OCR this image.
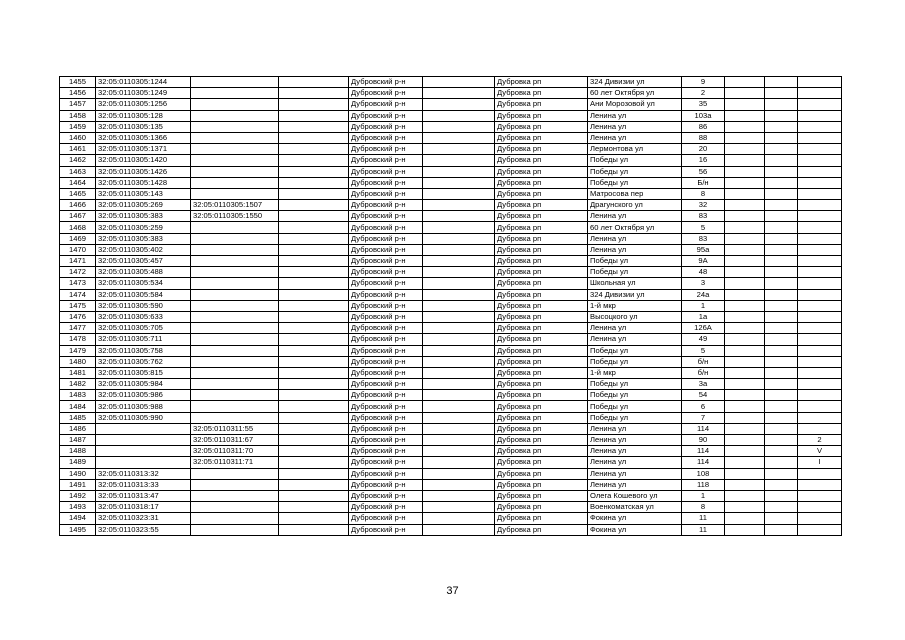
1455	32:05:0110305:1244			Дубровский р-н		Дубровка рп	324 Дивизии ул	9			
1456	32:05:0110305:1249			Дубровский р-н		Дубровка рп	60 лет Октября ул	2			
1457	32:05:0110305:1256			Дубровский р-н		Дубровка рп	Ани Морозовой ул	35			
1458	32:05:0110305:128			Дубровский р-н		Дубровка рп	Ленина ул	103а			
1459	32:05:0110305:135			Дубровский р-н		Дубровка рп	Ленина ул	86			
1460	32:05:0110305:1366			Дубровский р-н		Дубровка рп	Ленина ул	88			
1461	32:05:0110305:1371			Дубровский р-н		Дубровка рп	Лермонтова ул	20			
1462	32:05:0110305:1420			Дубровский р-н		Дубровка рп	Победы ул	16			
1463	32:05:0110305:1426			Дубровский р-н		Дубровка рп	Победы ул	56			
1464	32:05:0110305:1428			Дубровский р-н		Дубровка рп	Победы ул	Б/н			
1465	32:05:0110305:143			Дубровский р-н		Дубровка рп	Матросова пер	8			
1466	32:05:0110305:269	32:05:0110305:1507		Дубровский р-н		Дубровка рп	Драгунского ул	32			
1467	32:05:0110305:383	32:05:0110305:1550		Дубровский р-н		Дубровка рп	Ленина ул	83			
1468	32:05:0110305:259			Дубровский р-н		Дубровка рп	60 лет Октября ул	5			
1469	32:05:0110305:383			Дубровский р-н		Дубровка рп	Ленина ул	83			
1470	32:05:0110305:402			Дубровский р-н		Дубровка рп	Ленина ул	95а			
1471	32:05:0110305:457			Дубровский р-н		Дубровка рп	Победы ул	9А			
1472	32:05:0110305:488			Дубровский р-н		Дубровка рп	Победы ул	48			
1473	32:05:0110305:534			Дубровский р-н		Дубровка рп	Школьная ул	3			
1474	32:05:0110305:584			Дубровский р-н		Дубровка рп	324 Дивизии ул	24а			
1475	32:05:0110305:590			Дубровский р-н		Дубровка рп	1-й мкр	1			
1476	32:05:0110305:633			Дубровский р-н		Дубровка рп	Высоцкого ул	1а			
1477	32:05:0110305:705			Дубровский р-н		Дубровка рп	Ленина ул	126А			
1478	32:05:0110305:711			Дубровский р-н		Дубровка рп	Ленина ул	49			
1479	32:05:0110305:758			Дубровский р-н		Дубровка рп	Победы ул	5			
1480	32:05:0110305:762			Дубровский р-н		Дубровка рп	Победы ул	б/н			
1481	32:05:0110305:815			Дубровский р-н		Дубровка рп	1-й мкр	б/н			
1482	32:05:0110305:984			Дубровский р-н		Дубровка рп	Победы ул	3а			
1483	32:05:0110305:986			Дубровский р-н		Дубровка рп	Победы ул	54			
1484	32:05:0110305:988			Дубровский р-н		Дубровка рп	Победы ул	6			
1485	32:05:0110305:990			Дубровский р-н		Дубровка рп	Победы ул	7			
1486		32:05:0110311:55		Дубровский р-н		Дубровка рп	Ленина ул	114			
1487		32:05:0110311:67		Дубровский р-н		Дубровка рп	Ленина ул	90			2
1488		32:05:0110311:70		Дубровский р-н		Дубровка рп	Ленина ул	114			V
1489		32:05:0110311:71		Дубровский р-н		Дубровка рп	Ленина ул	114			I
1490	32:05:0110313:32			Дубровский р-н		Дубровка рп	Ленина ул	108			
1491	32:05:0110313:33			Дубровский р-н		Дубровка рп	Ленина ул	118			
1492	32:05:0110313:47			Дубровский р-н		Дубровка рп	Олега Кошевого ул	1			
1493	32:05:0110318:17			Дубровский р-н		Дубровка рп	Военкоматская ул	8			
1494	32:05:0110323:31			Дубровский р-н		Дубровка рп	Фокина ул	11			
1495	32:05:0110323:55			Дубровский р-н		Дубровка рп	Фокина ул	11			
37
